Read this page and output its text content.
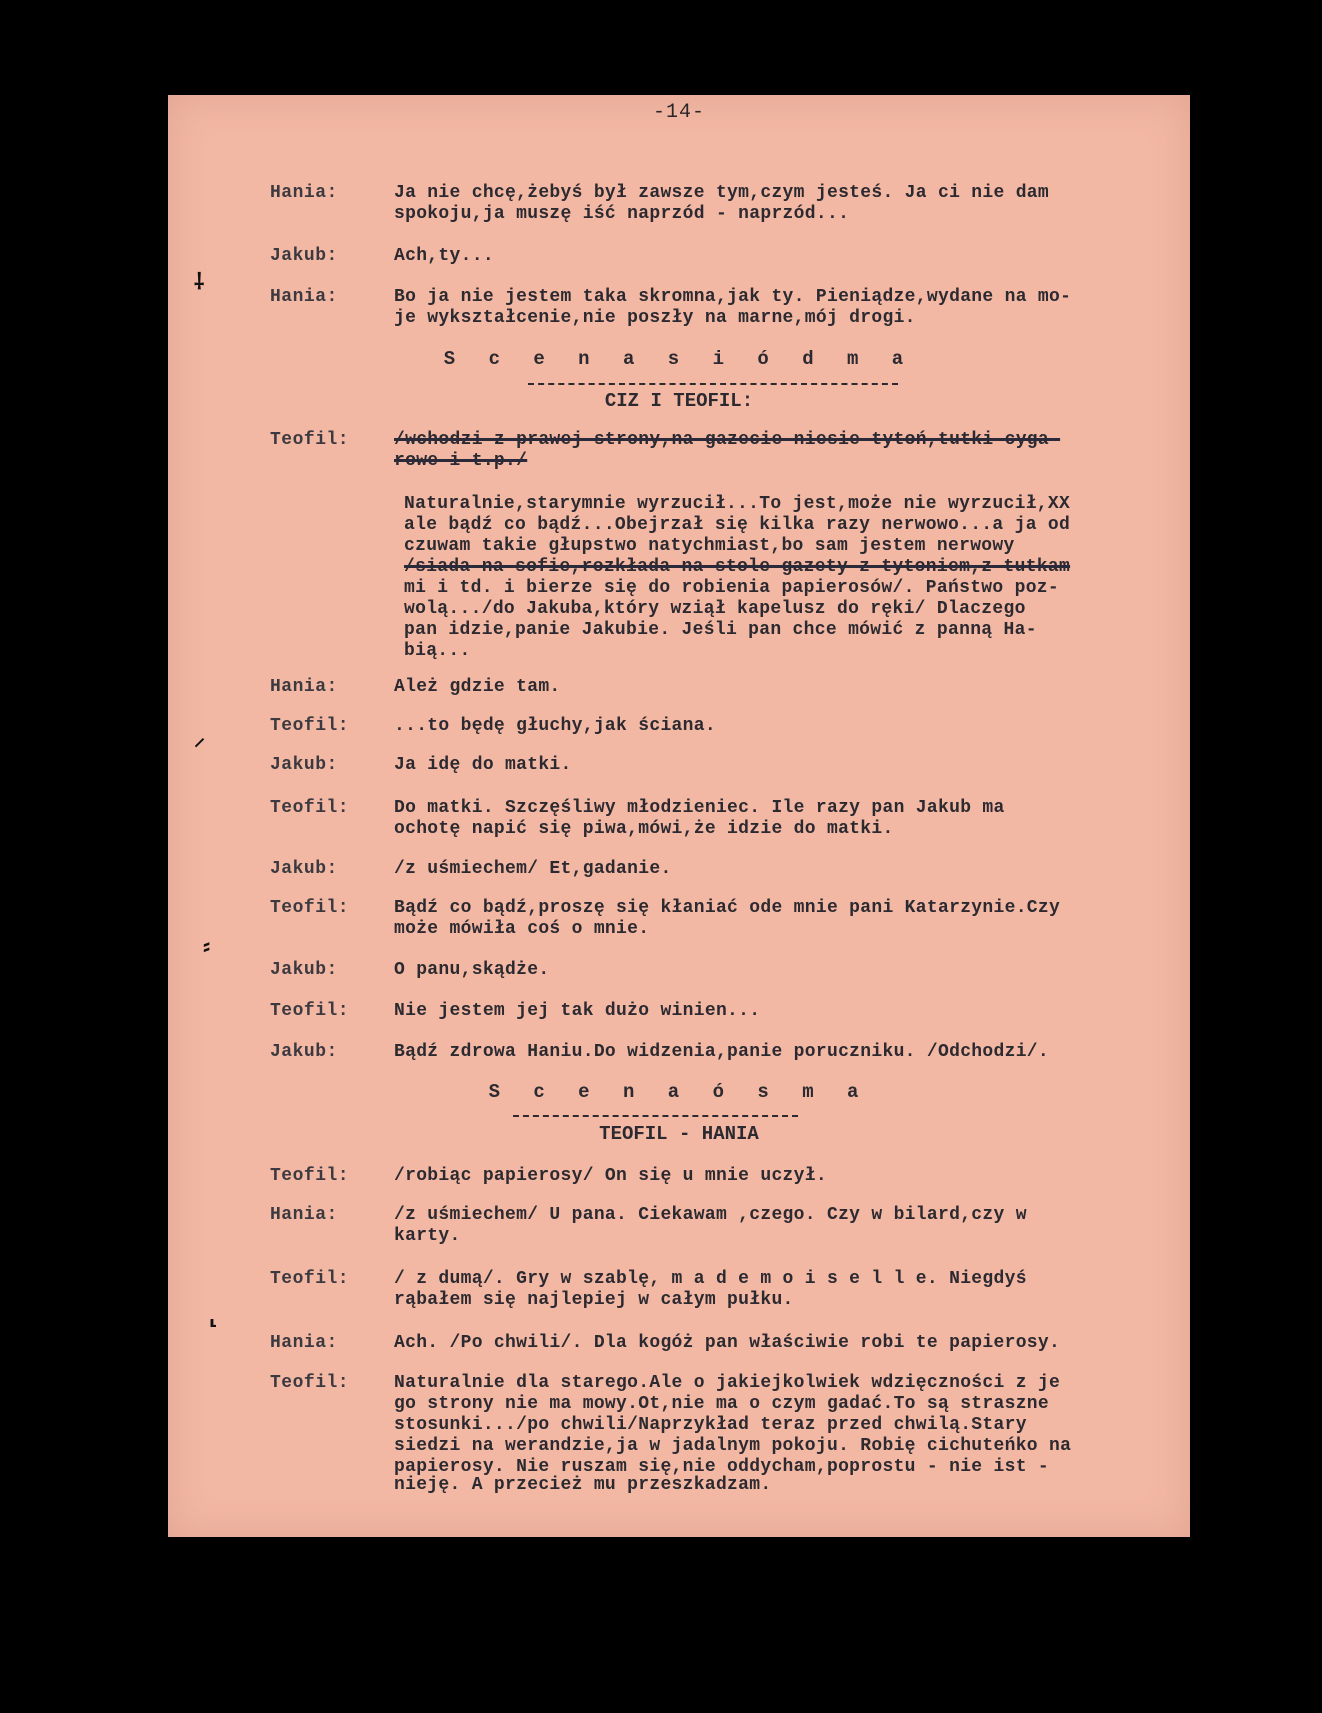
-14-
Hania:	Ja nie chcę,żebyś był zawsze tym,czym jesteś. Ja ci nie dam
spokoju,ja muszę iść naprzód - naprzód...
Jakub:	Ach,ty...
Hania:	Bo ja nie jestem taka skromna,jak ty. Pieniądze,wydane na mo-
je wykształcenie,nie poszły na marne,mój drogi.
S c e n a s i ó d m a
CIZ I TEOFIL:
Teofil: /wchodzi z prawej strony,na gazecie niesie tytoń,tutki cyga-
rowe i t.p./
Naturalnie,starymnie wyrzucił...To jest,może nie wyrzucił,XX
ale bądź co bądź...Obejrzał się kilka razy nerwowo...a ja od
czuwam takie głupstwo natychmiast,bo sam jestem nerwowy
/siada na sofie,rozkłada na stole gazety z tytoniem,z tutkam
mi i td. i bierze się do robienia papierosów/. Państwo poz-
wolą.../do Jakuba,który wziął kapelusz do ręki/ Dlaczego
pan idzie,panie Jakubie. Jeśli pan chce mówić z panną Ha-
bią...
Hania:	Ależ gdzie tam.
Teofil: ...to będę głuchy,jak ściana.
Jakub:	Ja idę do matki.
Teofil: Do matki. Szczęśliwy młodzieniec. Ile razy pan Jakub ma
ochotę napić się piwa,mówi,że idzie do matki.
Jakub:	/z uśmiechem/ Et,gadanie.
Teofil: Bądź co bądź,proszę się kłaniać ode mnie pani Katarzynie.Czy
może mówiła coś o mnie.
Jakub:	O panu,skądże.
Teofil: Nie jestem jej tak dużo winien...
Jakub:	Bądź zdrowa Haniu.Do widzenia,panie poruczniku. /Odchodzi/.
S c e n a ó s m a
TEOFIL - HANIA
Teofil: /robiąc papierosy/ On się u mnie uczył.
Hania:	/z uśmiechem/ U pana. Ciekawam ,czego. Czy w bilard,czy w
karty.
Teofil: / z dumą/. Gry w szablę, m a d e m o i s e l l e. Niegdyś
rąbałem się najlepiej w całym pułku.
Hania:	Ach. /Po chwili/. Dla kogóż pan właściwie robi te papierosy.
Teofil: Naturalnie dla starego.Ale o jakiejkolwiek wdzięczności z je
go strony nie ma mowy.Ot,nie ma o czym gadać.To są straszne
stosunki.../po chwili/Naprzykład teraz przed chwilą.Stary
siedzi na werandzie,ja w jadalnym pokoju. Robię cichuteńko na
papierosy. Nie ruszam się,nie oddycham,poprostu - nie ist -
nieję. A przecież mu przeszkadzam.
⸸
⸝
⸗
⸤
